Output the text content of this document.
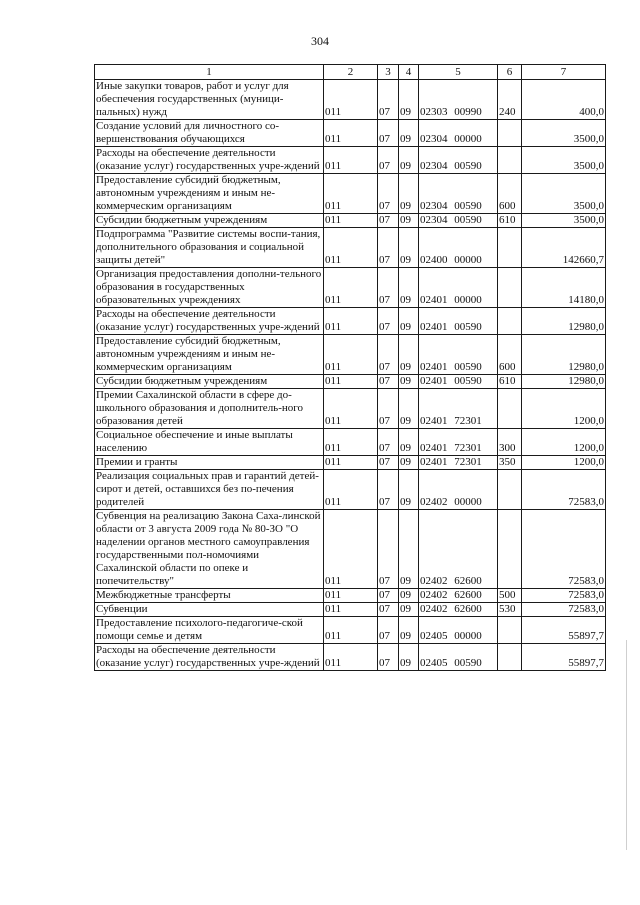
304
1	2	3	4	5	6	7
Иные закупки товаров, работ и услуг для обеспечения государственных (муници-пальных) нужд	011	07	09	02303 00990	240	400,0
Создание условий для личностного со-вершенствования обучающихся	011	07	09	02304 00000		3500,0
Расходы на обеспечение деятельности (оказание услуг) государственных учре-ждений	011	07	09	02304 00590		3500,0
Предоставление субсидий бюджетным, автономным учреждениям и иным не-коммерческим организациям	011	07	09	02304 00590	600	3500,0
Субсидии бюджетным учреждениям	011	07	09	02304 00590	610	3500,0
Подпрограмма "Развитие системы воспи-тания, дополнительного образования и социальной защиты детей"	011	07	09	02400 00000		142660,7
Организация предоставления дополни-тельного образования в государственных образовательных учреждениях	011	07	09	02401 00000		14180,0
Расходы на обеспечение деятельности (оказание услуг) государственных учре-ждений	011	07	09	02401 00590		12980,0
Предоставление субсидий бюджетным, автономным учреждениям и иным не-коммерческим организациям	011	07	09	02401 00590	600	12980,0
Субсидии бюджетным учреждениям	011	07	09	02401 00590	610	12980,0
Премии Сахалинской области в сфере до-школьного образования и дополнитель-ного образования детей	011	07	09	02401 72301		1200,0
Социальное обеспечение и иные выплаты населению	011	07	09	02401 72301	300	1200,0
Премии и гранты	011	07	09	02401 72301	350	1200,0
Реализация социальных прав и гарантий детей-сирот и детей, оставшихся без по-печения родителей	011	07	09	02402 00000		72583,0
Субвенция на реализацию Закона Саха-линской области от 3 августа 2009 года № 80-ЗО "О наделении органов местного самоуправления государственными пол-номочиями Сахалинской области по опеке и попечительству"	011	07	09	02402 62600		72583,0
Межбюджетные трансферты	011	07	09	02402 62600	500	72583,0
Субвенции	011	07	09	02402 62600	530	72583,0
Предоставление психолого-педагогиче-ской помощи семье и детям	011	07	09	02405 00000		55897,7
Расходы на обеспечение деятельности (оказание услуг) государственных учре-ждений	011	07	09	02405 00590		55897,7
